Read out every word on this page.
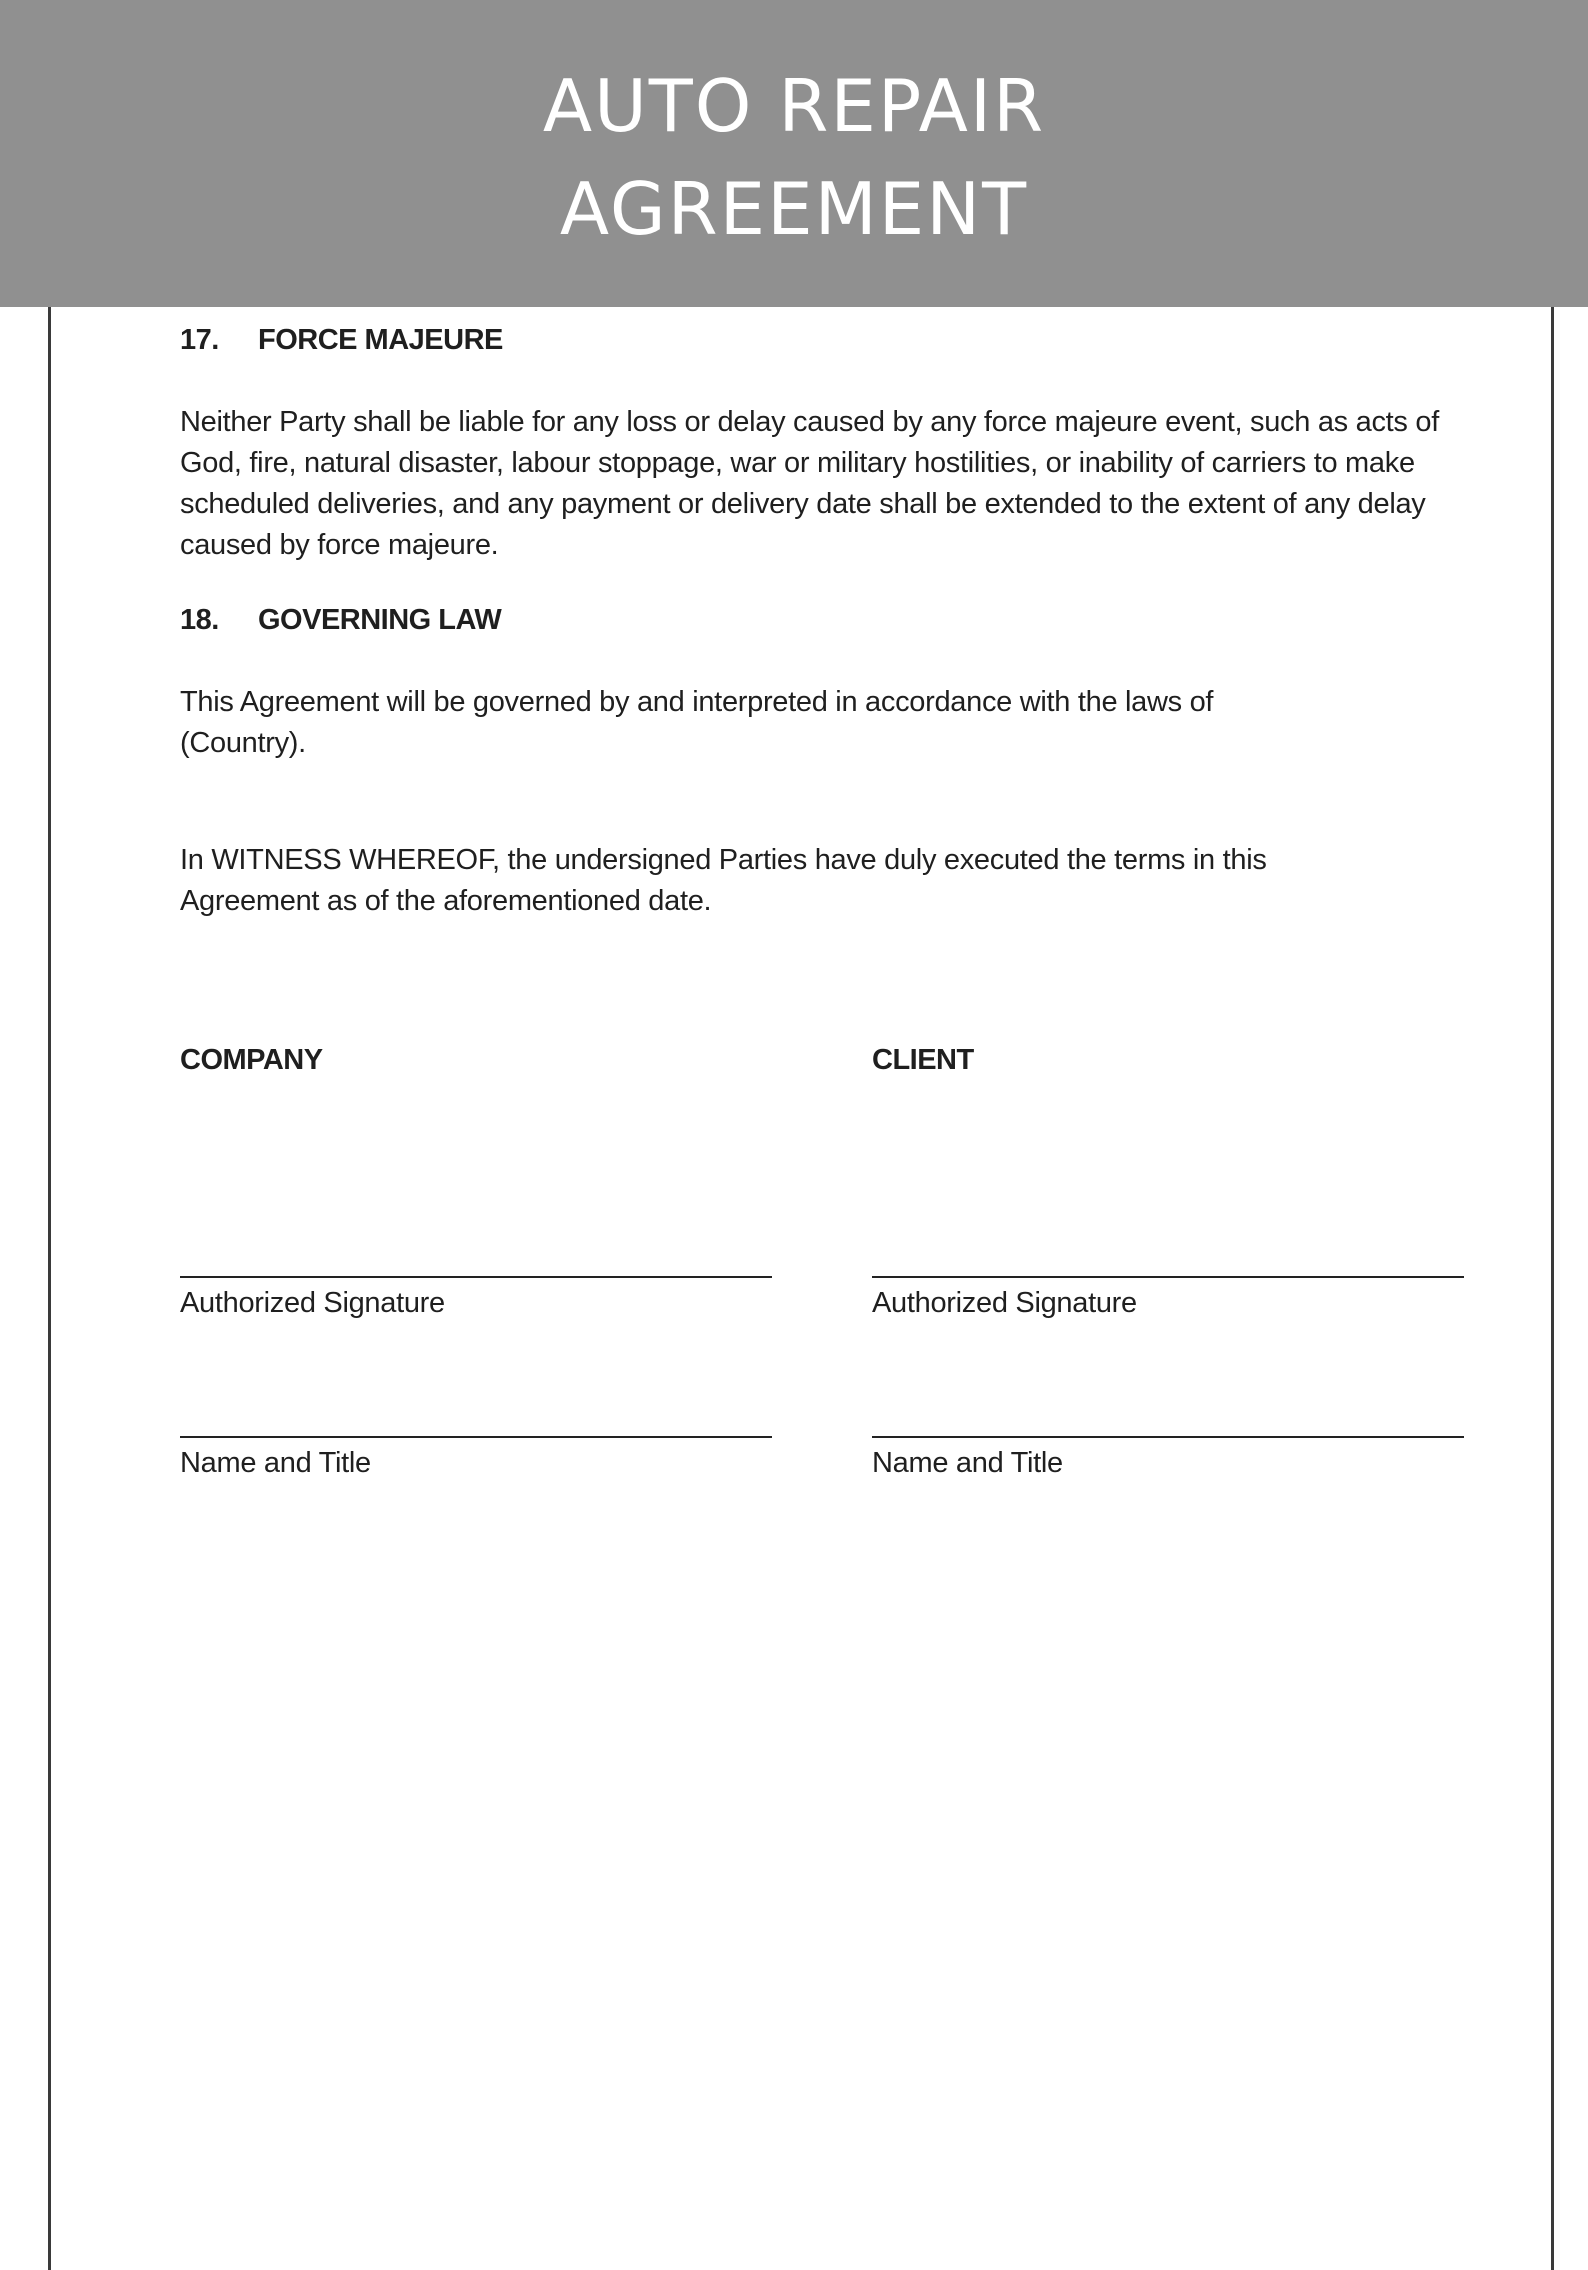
AUTO REPAIR
AGREEMENT
17. FORCE MAJEURE
Neither Party shall be liable for any loss or delay caused by any force majeure event, such as acts of God, fire, natural disaster, labour stoppage, war or military hostilities, or inability of carriers to make scheduled deliveries, and any payment or delivery date shall be extended to the extent of any delay caused by force majeure.
18. GOVERNING LAW
This Agreement will be governed by and interpreted in accordance with the laws of (Country).
In WITNESS WHEREOF, the undersigned Parties have duly executed the terms in this Agreement as of the aforementioned date.
COMPANY
Authorized Signature
Name and Title
CLIENT
Authorized Signature
Name and Title
